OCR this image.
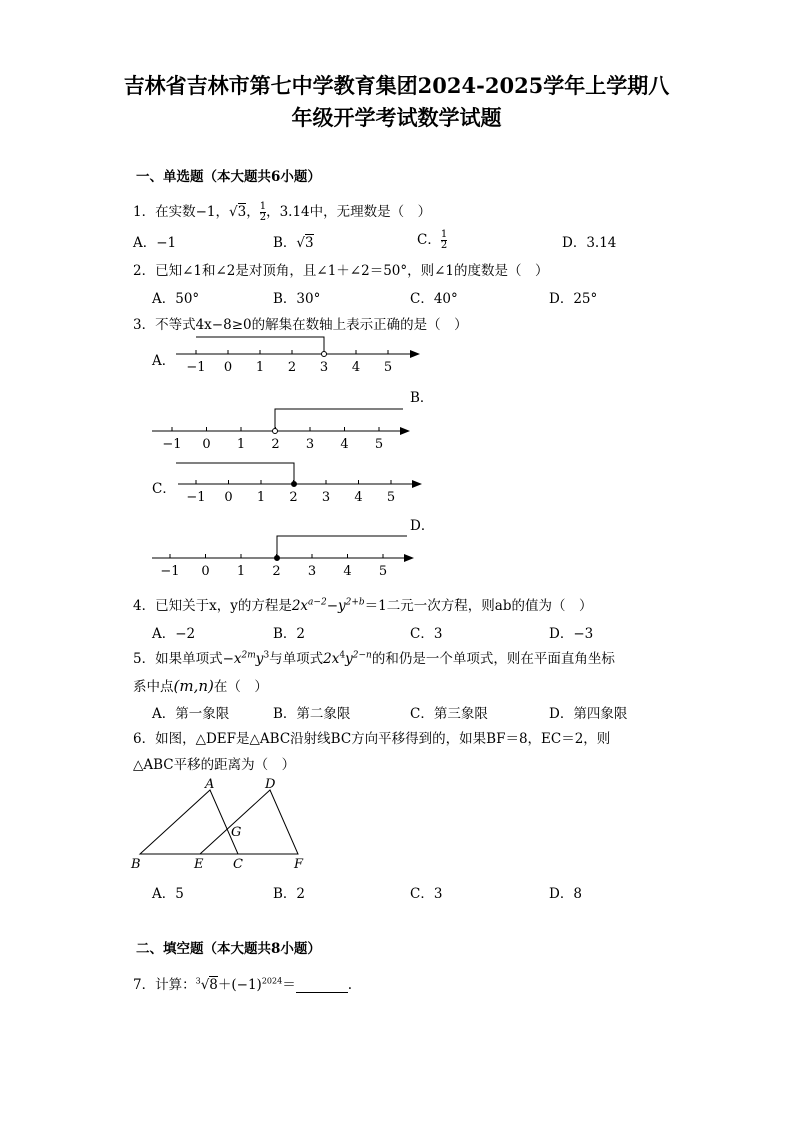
吉林省吉林市第七中学教育集团2024-2025学年上学期八
年级开学考试数学试题
一、单选题（本大题共6小题）
1．在实数−1，√3， $\frac{1}{2}$ ，3.14中，无理数是（　）
A．−1	B．√3	C． $\frac{1}{2}$	D．3.14
2．已知∠1和∠2是对顶角，且∠1＋∠2＝50°，则∠1的度数是（　）
A．50°	B．30°	C．40°	D．25°
3．不等式4x−8≥0的解集在数轴上表示正确的是（　）
A． −1 0 1 2 3 4 5
B．
−1 0 1 2 3 4 5
C．
−1 0 1 2 3 4 5
D．
−1 0 1 2 3 4 5
4．已知关于x，y的方程是$2x^{a-2}-y^{2+b}=1$二元一次方程，则ab的值为（　）
A．−2	B．2	C．3	D．−3
5．如果单项式$-x^{2m}y^3$与单项式$2x^4y^{2-n}$的和仍是一个单项式，则在平面直角坐标
系中点(m,n)在（　）
A．第一象限	B．第二象限	C．第三象限	D．第四象限
6．如图，△DEF是△ABC沿射线BC方向平移得到的，如果BF＝8，EC＝2，则
△ABC平移的距离为（　）
A
B	C
D
E	F
G
A．5	B．2	C．3	D．8
二、填空题（本大题共8小题）
7．计算：$^3√8+(-1)^{2024}=$	.
